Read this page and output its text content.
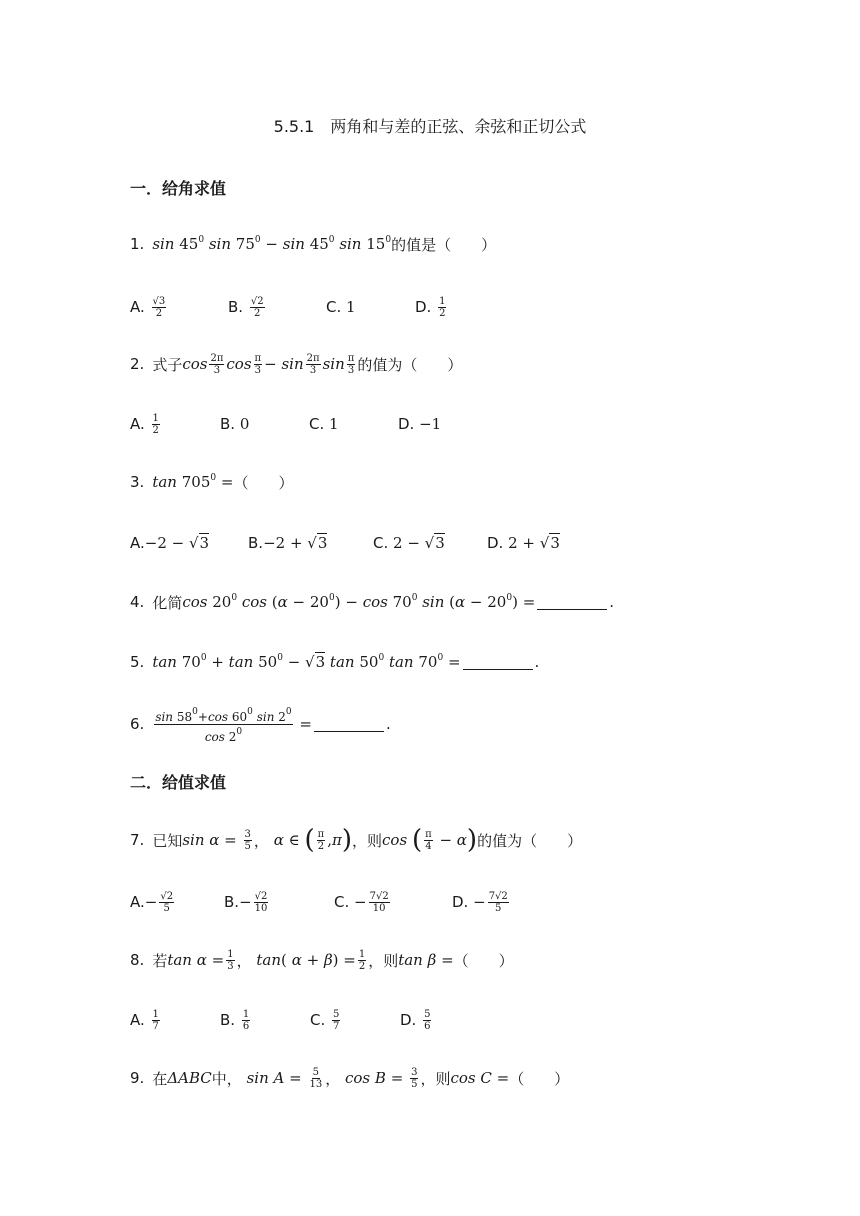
5.5.1　两角和与差的正弦、余弦和正切公式
一．给角求值
1. sin
$45^0$
sin
$75^0$
−
sin
$45^0$
sin
$15^0$ 的值是（　　）
A.
$\frac{√3}{2}$	B.
$\frac{√2}{2}$	C.
1	D.
$\frac{1}{2}$
2. 式子 $\cos \frac{2\pi}{3}$ $\cos \frac{\pi}{3}$ −
$\sin \frac{2\pi}{3}$ $\sin \frac{\pi}{3}$ 的值为（　　）
A.
$\frac{1}{2}$	B.
0	C.
1	D.
−1
3. tan
$705^0$ = （　　）
A. −2 − √3	B. −2 + √3	C.
2 − √3	D.
2 + √3
4. 化简 cos
$20^0$
cos
( $\alpha - 20^0) - \cos$
$70^0$
sin
( $\alpha - 20^0$) =	.
5. tan
$70^0 + \tan$
$50^0 - √3$
tan
$50^0$
tan
$70^0$ =	.
6. $\frac{\sin 58^0+\cos 60^0 \sin 2^0}{\cos 2^0}$ =	.
二．给值求值
7. 已知 sin
$\alpha = \frac{3}{5}$ ，
α ∈ ( $\frac{\pi}{2}$ , π ) ，则 cos
( $\frac{\pi}{4} - \alpha$ ) 的值为（　　）
A. − $\frac{√2}{5}$	B. − $\frac{√2}{10}$	C.
− $\frac{7√2}{10}$	D.
− $\frac{7√2}{5}$
8. 若 tan
$\alpha = \frac{1}{3}$ ，
tan (
α + β ) = $\frac{1}{2}$ ，则 tan
β = （　　）
A.
$\frac{1}{7}$	B.
$\frac{1}{6}$	C.
$\frac{5}{7}$	D.
$\frac{5}{6}$
9. 在 ΔABC 中，
sin
$A = \frac{5}{13}$ ，
cos
$B = \frac{3}{5}$ ，则 cos
C = （　　）
